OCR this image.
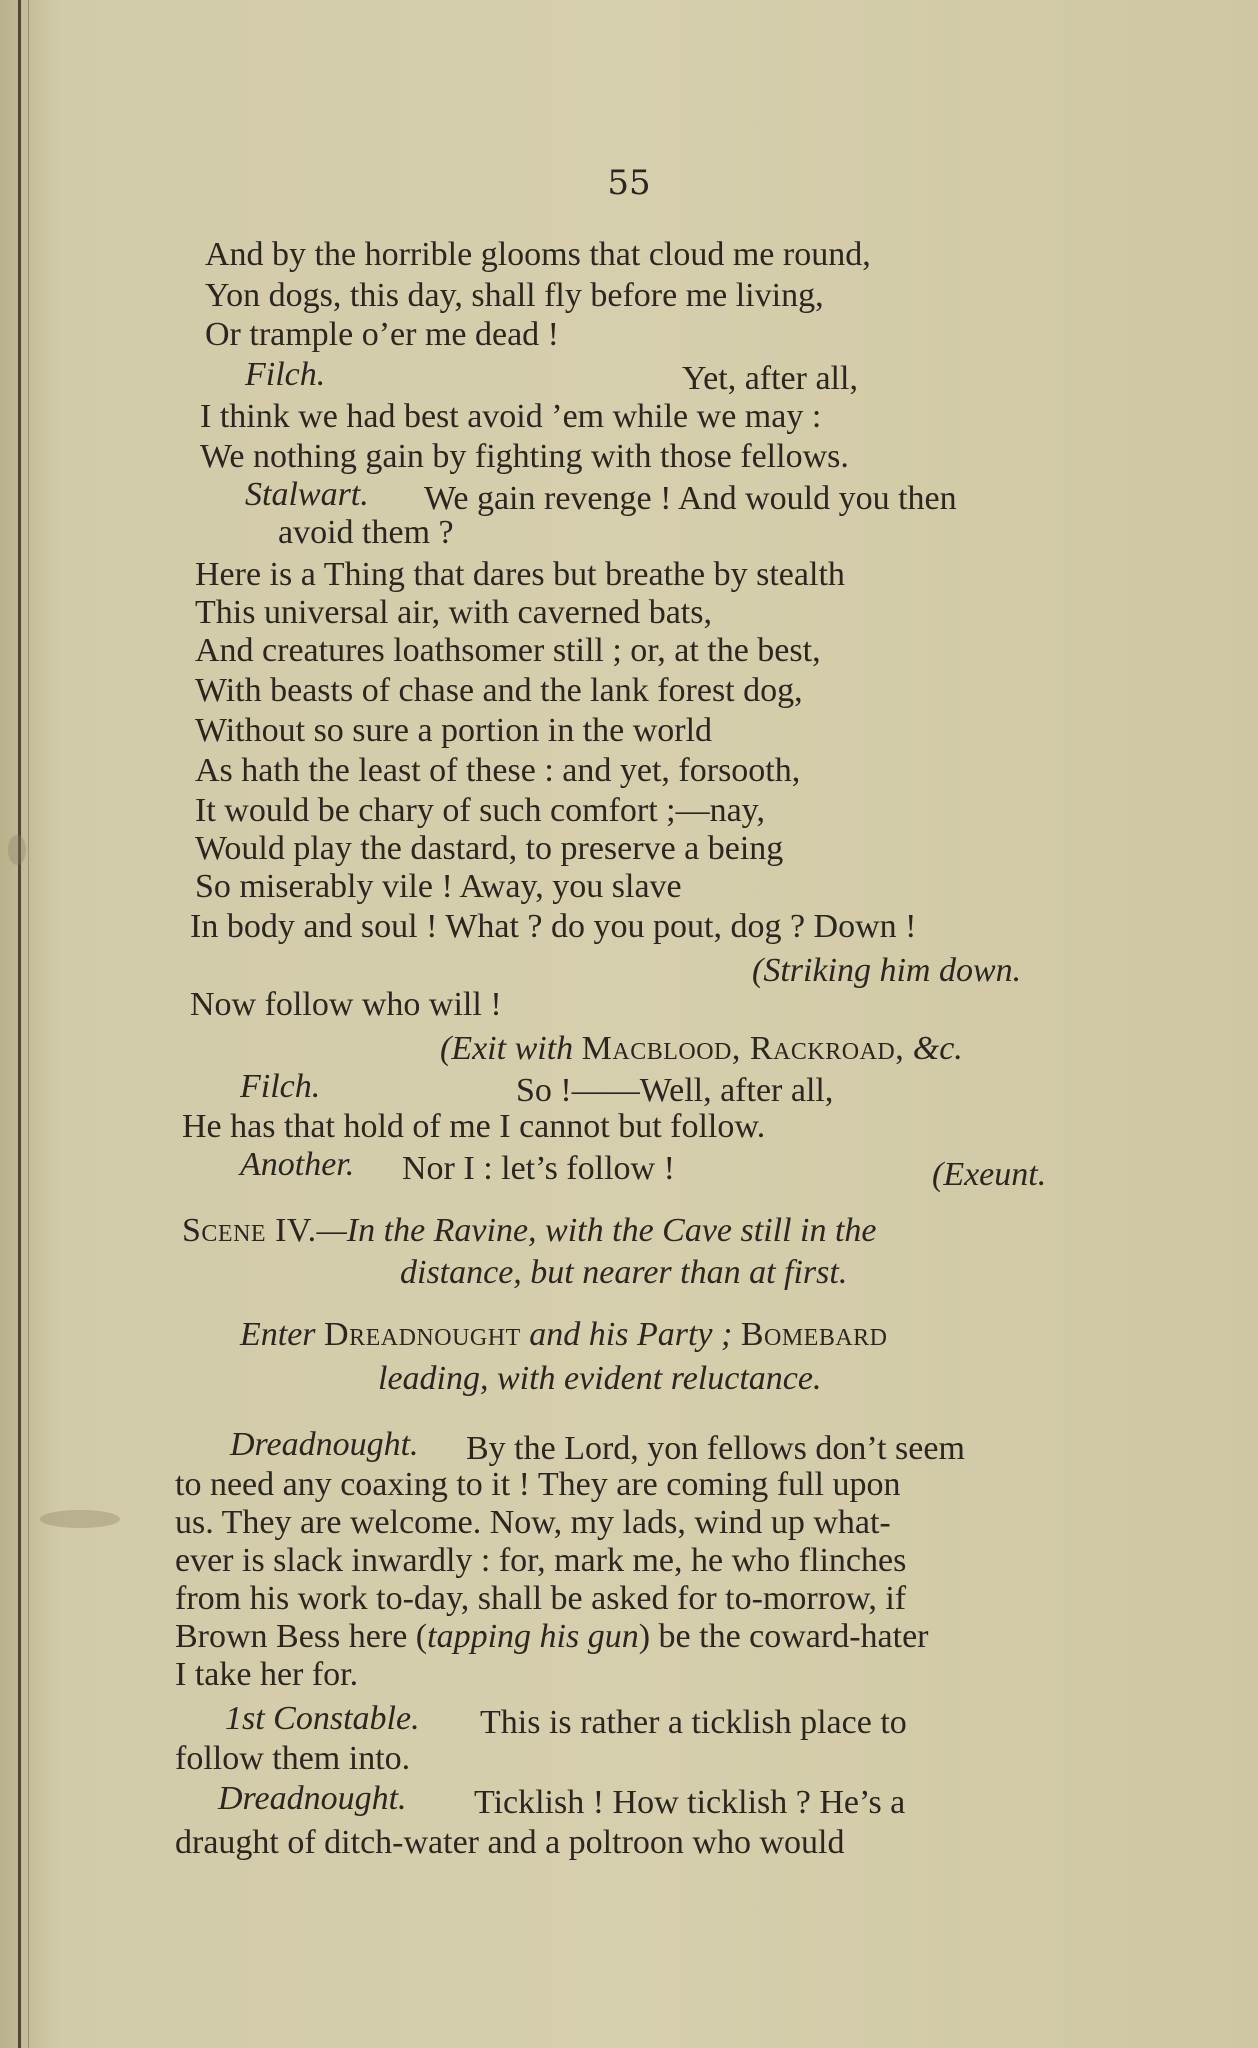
55
And by the horrible glooms that cloud me round,
Yon dogs, this day, shall fly before me living,
Or trample o’er me dead !
Filch.	Yet, after all,
I think we had best avoid ’em while we may :
We nothing gain by fighting with those fellows.
Stalwart. We gain revenge ! And would you then
avoid them ?
Here is a Thing that dares but breathe by stealth
This universal air, with caverned bats,
And creatures loathsomer still ; or, at the best,
With beasts of chase and the lank forest dog,
Without so sure a portion in the world
As hath the least of these : and yet, forsooth,
It would be chary of such comfort ;—nay,
Would play the dastard, to preserve a being
So miserably vile ! Away, you slave
In body and soul ! What ? do you pout, dog ? Down !
(Striking him down.
Now follow who will !
(Exit with Macblood, Rackroad, &c.
Filch.	So !——Well, after all,
He has that hold of me I cannot but follow.
Another. Nor I : let’s follow !	(Exeunt.
Scene IV.—In the Ravine, with the Cave still in the
distance, but nearer than at first.
Enter Dreadnought and his Party ; Bomebard
leading, with evident reluctance.
Dreadnought. By the Lord, yon fellows don’t seem
to need any coaxing to it ! They are coming full upon
us. They are welcome. Now, my lads, wind up what-
ever is slack inwardly : for, mark me, he who flinches
from his work to-day, shall be asked for to-morrow, if
Brown Bess here (tapping his gun) be the coward-hater
I take her for.
1st Constable. This is rather a ticklish place to
follow them into.
Dreadnought. Ticklish ! How ticklish ? He’s a
draught of ditch-water and a poltroon who would
